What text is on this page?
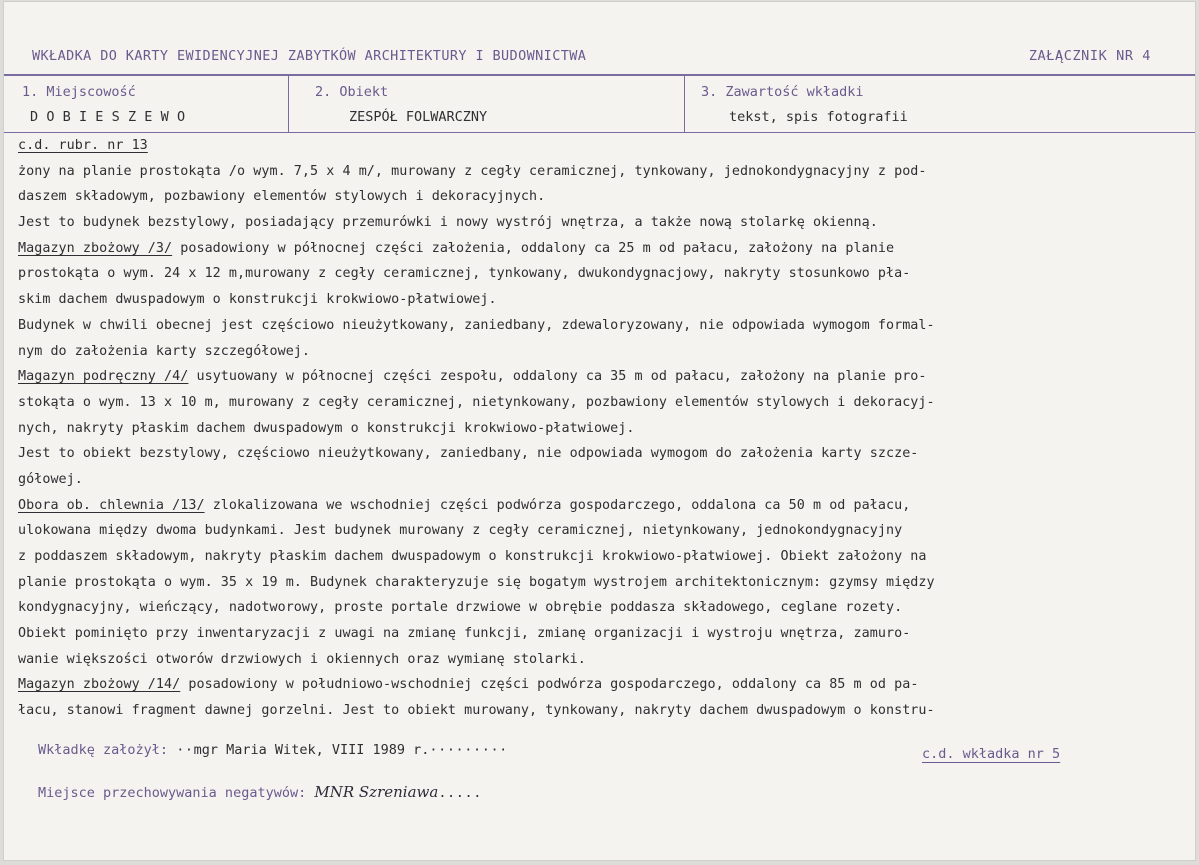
WKŁADKA DO KARTY EWIDENCYJNEJ ZABYTKÓW ARCHITEKTURY I BUDOWNICTWA	ZAŁĄCZNIK NR 4
1. Miejscowość
DOBIESZEWO
2. Obiekt
ZESPÓŁ FOLWARCZNY
3. Zawartość wkładki
tekst, spis fotografii
c.d. rubr. nr 13
żony na planie prostokąta /o wym. 7,5 x 4 m/, murowany z cegły ceramicznej, tynkowany, jednokondygnacyjny z pod-
daszem składowym, pozbawiony elementów stylowych i dekoracyjnych.
Jest to budynek bezstylowy, posiadający przemurówki i nowy wystrój wnętrza, a także nową stolarkę okienną.
Magazyn zbożowy /3/ posadowiony w północnej części założenia, oddalony ca 25 m od pałacu, założony na planie
prostokąta o wym. 24 x 12 m,murowany z cegły ceramicznej, tynkowany, dwukondygnacjowy, nakryty stosunkowo pła-
skim dachem dwuspadowym o konstrukcji krokwiowo-płatwiowej.
Budynek w chwili obecnej jest częściowo nieużytkowany, zaniedbany, zdewaloryzowany, nie odpowiada wymogom formal-
nym do założenia karty szczegółowej.
Magazyn podręczny /4/ usytuowany w północnej części zespołu, oddalony ca 35 m od pałacu, założony na planie pro-
stokąta o wym. 13 x 10 m, murowany z cegły ceramicznej, nietynkowany, pozbawiony elementów stylowych i dekoracyj-
nych, nakryty płaskim dachem dwuspadowym o konstrukcji krokwiowo-płatwiowej.
Jest to obiekt bezstylowy, częściowo nieużytkowany, zaniedbany, nie odpowiada wymogom do założenia karty szcze-
gółowej.
Obora ob. chlewnia /13/ zlokalizowana we wschodniej części podwórza gospodarczego, oddalona ca 50 m od pałacu,
ulokowana między dwoma budynkami. Jest budynek murowany z cegły ceramicznej, nietynkowany, jednokondygnacyjny
z poddaszem składowym, nakryty płaskim dachem dwuspadowym o konstrukcji krokwiowo-płatwiowej. Obiekt założony na
planie prostokąta o wym. 35 x 19 m. Budynek charakteryzuje się bogatym wystrojem architektonicznym: gzymsy między
kondygnacyjny, wieńczący, nadotworowy, proste portale drzwiowe w obrębie poddasza składowego, ceglane rozety.
Obiekt pominięto przy inwentaryzacji z uwagi na zmianę funkcji, zmianę organizacji i wystroju wnętrza, zamuro-
wanie większości otworów drzwiowych i okiennych oraz wymianę stolarki.
Magazyn zbożowy /14/ posadowiony w południowo-wschodniej części podwórza gospodarczego, oddalony ca 85 m od pa-
łacu, stanowi fragment dawnej gorzelni. Jest to obiekt murowany, tynkowany, nakryty dachem dwuspadowym o konstru-
Wkładkę założył: ··mgr Maria Witek, VIII 1989 r.·········	c.d. wkładka nr 5
Miejsce przechowywania negatywów: MNR Szreniawa.....
